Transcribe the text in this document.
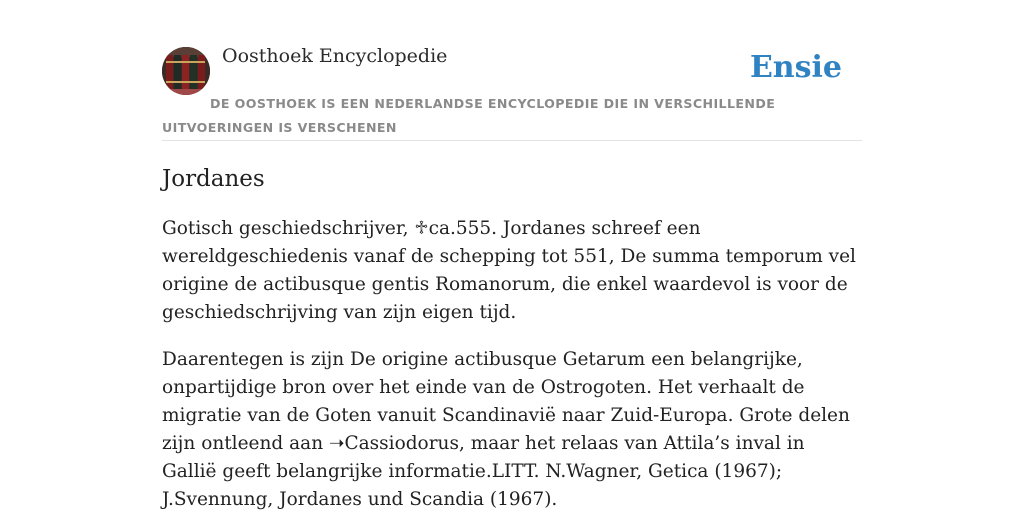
Oosthoek Encyclopedie	Ensie
DE OOSTHOEK IS EEN NEDERLANDSE ENCYCLOPEDIE DIE IN VERSCHILLENDE UITVOERINGEN IS VERSCHENEN
Jordanes

Gotisch geschiedschrijver, ♱ca.555. Jordanes schreef een wereldgeschiedenis vanaf de schepping tot 551, De summa temporum vel origine de actibusque gentis Romanorum, die enkel waardevol is voor de geschiedschrijving van zijn eigen tijd.

Daarentegen is zijn De origine actibusque Getarum een belangrijke, onpartijdige bron over het einde van de Ostrogoten. Het verhaalt de migratie van de Goten vanuit Scandinavië naar Zuid-Europa. Grote delen zijn ontleend aan ➝Cassiodorus, maar het relaas van Attila’s inval in Gallië geeft belangrijke informatie.LITT. N.Wagner, Getica (1967); J.Svennung, Jordanes und Scandia (1967).
